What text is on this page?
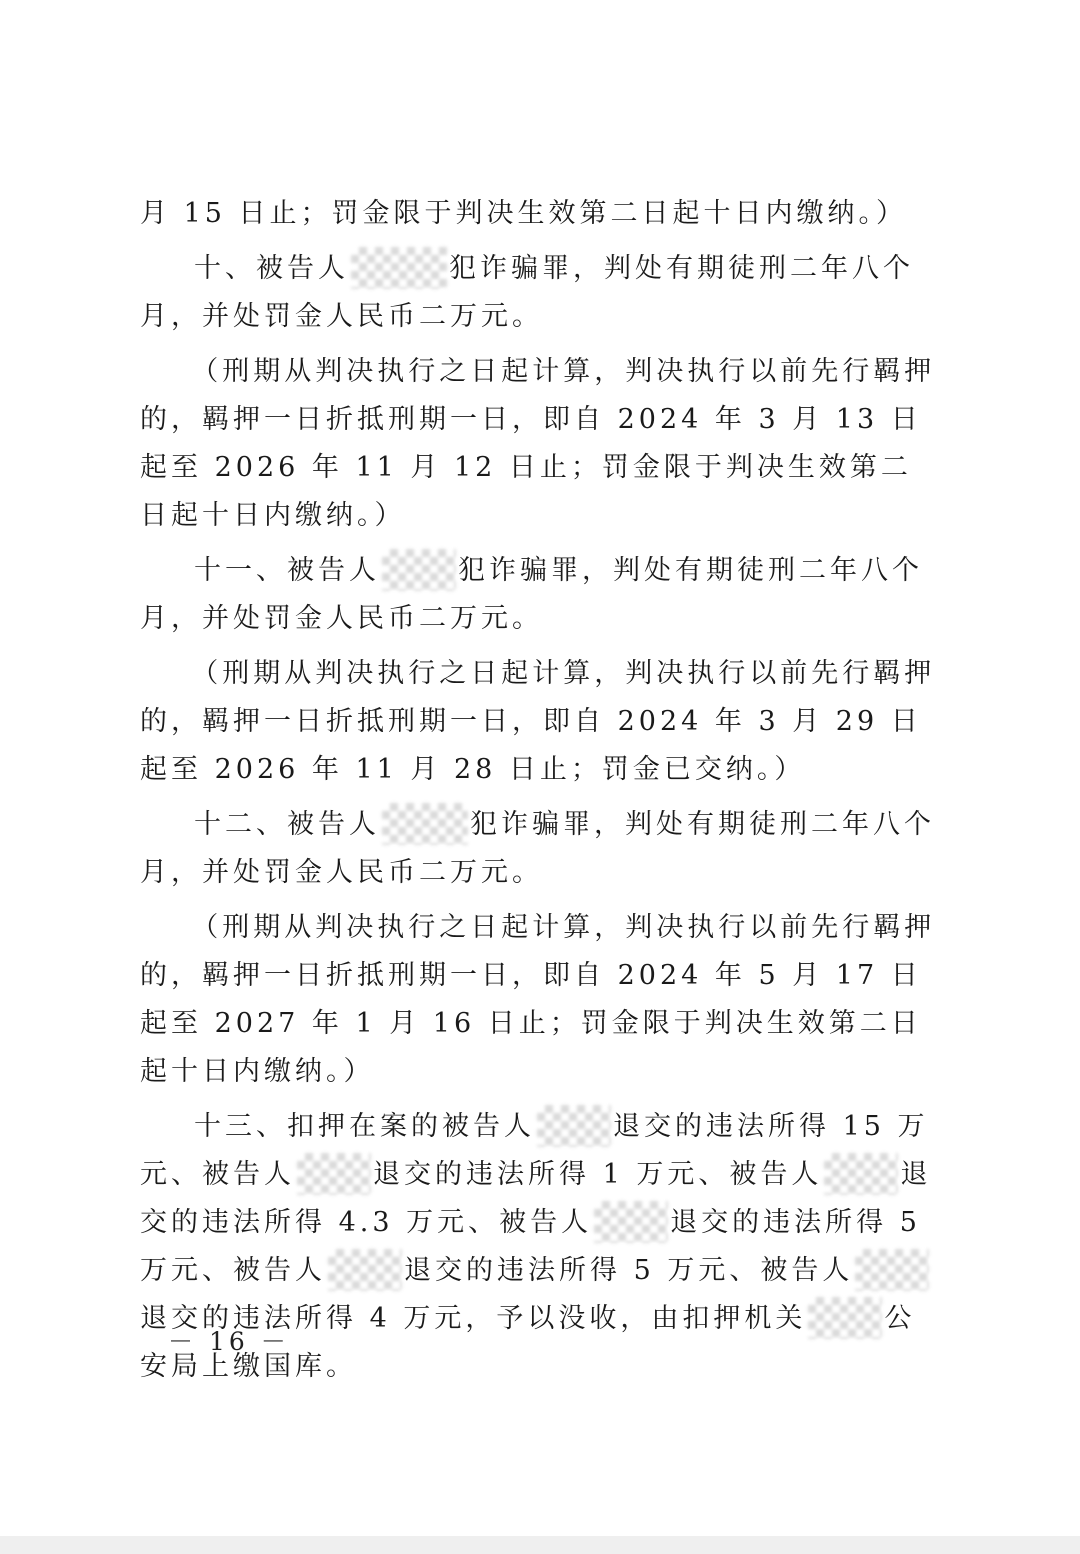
月 15 日止；罚金限于判决生效第二日起十日内缴纳。）

十、被告人	犯诈骗罪，判处有期徒刑二年八个月，并处罚金人民币二万元。

（刑期从判决执行之日起计算，判决执行以前先行羁押的，羁押一日折抵刑期一日，即自 2024 年 3 月 13 日起至 2026 年 11 月 12 日止；罚金限于判决生效第二日起十日内缴纳。）

十一、被告人	犯诈骗罪，判处有期徒刑二年八个月，并处罚金人民币二万元。

（刑期从判决执行之日起计算，判决执行以前先行羁押的，羁押一日折抵刑期一日，即自 2024 年 3 月 29 日起至 2026 年 11 月 28 日止；罚金已交纳。）

十二、被告人	犯诈骗罪，判处有期徒刑二年八个月，并处罚金人民币二万元。

（刑期从判决执行之日起计算，判决执行以前先行羁押的，羁押一日折抵刑期一日，即自 2024 年 5 月 17 日起至 2027 年 1 月 16 日止；罚金限于判决生效第二日起十日内缴纳。）

十三、扣押在案的被告人	退交的违法所得 15 万元、被告人	退交的违法所得 1 万元、被告人	退交的违法所得 4.3 万元、被告人	退交的违法所得 5 万元、被告人	退交的违法所得 5 万元、被告人退交的违法所得 4 万元，予以没收，由扣押机关	公安局上缴国库。

－ 16 －
